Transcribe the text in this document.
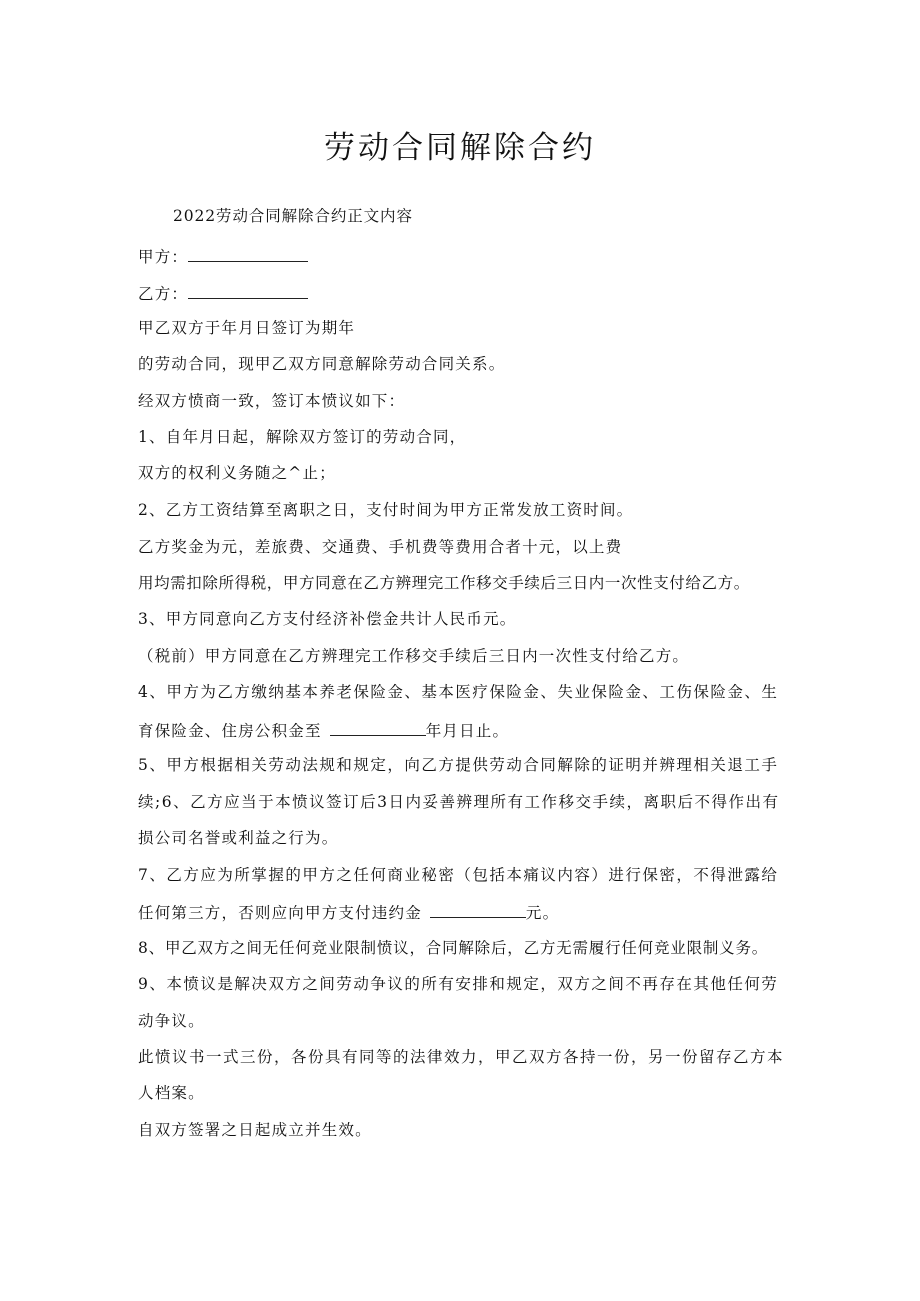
劳动合同解除合约
2022劳动合同解除合约正文内容
甲方：
乙方：
甲乙双方于年月日签订为期年
的劳动合同，现甲乙双方同意解除劳动合同关系。
经双方愤商一致，签订本愤议如下：
1、自年月日起，解除双方签订的劳动合同，
双方的权利义务随之^止；
2、乙方工资结算至离职之日，支付时间为甲方正常发放工资时间。
乙方奖金为元，差旅费、交通费、手机费等费用合者十元，以上费
用均需扣除所得税，甲方同意在乙方辨理完工作移交手续后三日内一次性支付给乙方。
3、甲方同意向乙方支付经济补偿金共计人民币元。
（税前）甲方同意在乙方辨理完工作移交手续后三日内一次性支付给乙方。
4、甲方为乙方缴纳基本养老保险金、基本医疗保险金、失业保险金、工伤保险金、生
育保险金、住房公积金至	年月日止。
5、甲方根据相关劳动法规和规定，向乙方提供劳动合同解除的证明并辨理相关退工手
续;6、乙方应当于本愤议签订后3日内妥善辨理所有工作移交手续，离职后不得作出有
损公司名誉或利益之行为。
7、乙方应为所掌握的甲方之任何商业秘密（包括本痛议内容）进行保密，不得泄露给
任何第三方，否则应向甲方支付违约金	元。
8、甲乙双方之间无任何竞业限制愤议，合同解除后，乙方无需履行任何竞业限制义务。
9、本愤议是解决双方之间劳动争议的所有安排和规定，双方之间不再存在其他任何劳
动争议。
此愤议书一式三份，各份具有同等的法律效力，甲乙双方各持一份，另一份留存乙方本
人档案。
自双方签署之日起成立并生效。
